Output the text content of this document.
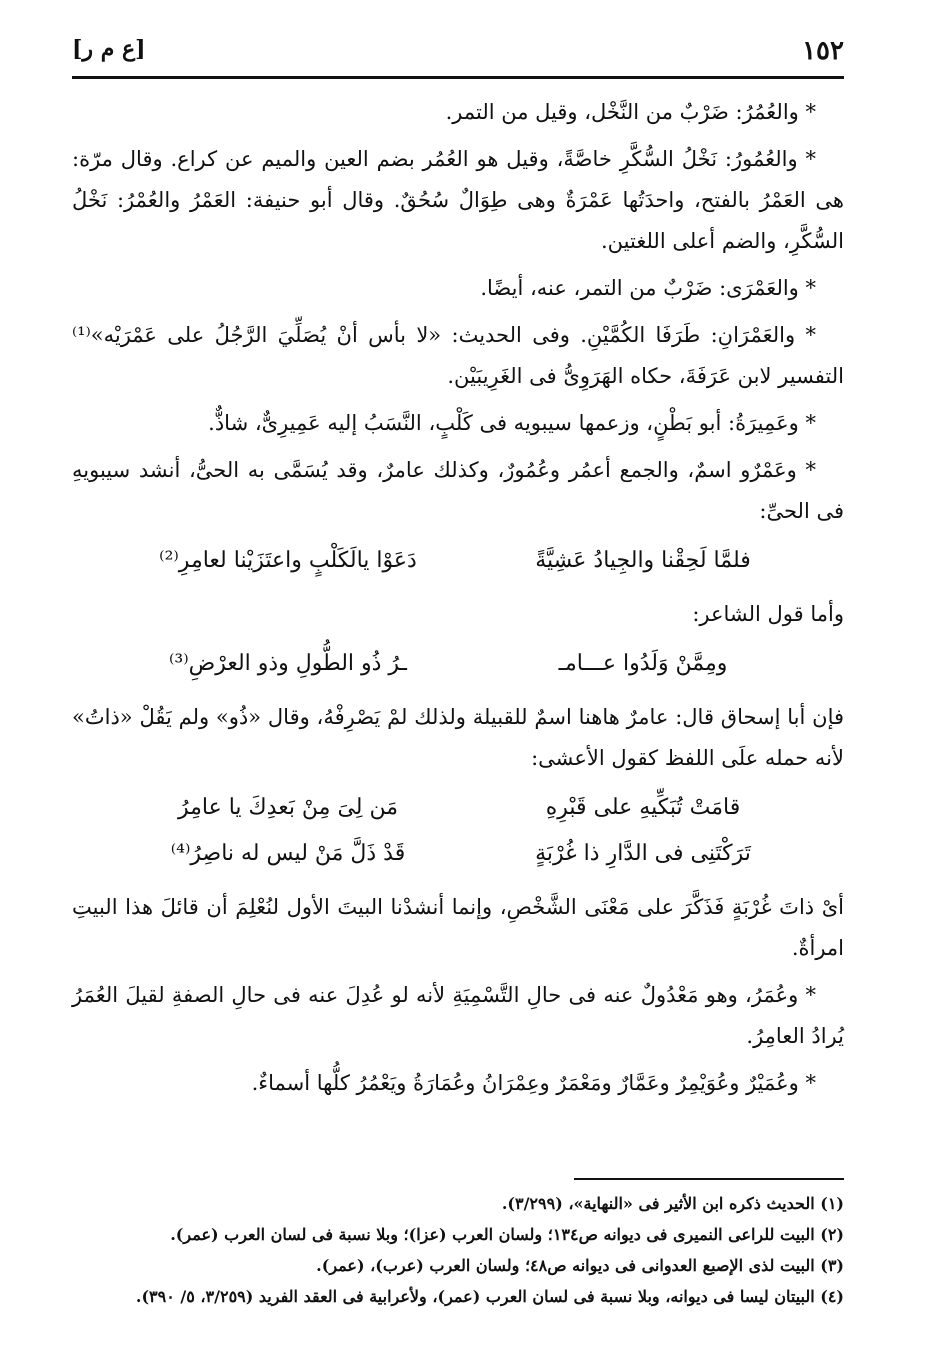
١٥٢
[ع م ر]

* والعُمُرُ: ضَرْبٌ من النَّخْل، وقيل من التمر.

* والعُمُورُ: نَخْلُ السُّكَّرِ خاصَّةً، وقيل هو العُمُر بضم العين والميم عن كراع. وقال مرّة: هى العَمْرُ بالفتح، واحدَتُها عَمْرَةٌ وهى طِوَالٌ سُحُقٌ. وقال أبو حنيفة: العَمْرُ والعُمْرُ: نَخْلُ السُّكَّرِ، والضم أعلى اللغتين.

* والعَمْرَى: ضَرْبٌ من التمر، عنه، أيضًا.

* والعَمْرَانِ: طَرَفَا الكُمَّيْنِ. وفى الحديث: «لا بأس أنْ يُصَلِّيَ الرَّجُلُ على عَمْرَيْه»⁽¹⁾ التفسير لابن عَرَفَةَ، حكاه الهَرَوِىُّ فى الغَرِيبَيْن.

* وعَمِيرَةُ: أبو بَطْنٍ، وزعمها سيبويه فى كَلْبٍ، النَّسَبُ إليه عَمِيرِىٌّ، شاذٌّ.

* وعَمْرٌو اسمٌ، والجمع أعمُر وعُمُورٌ، وكذلك عامرٌ، وقد يُسَمَّى به الحىُّ، أنشد سيبويهِ فى الحىِّ:

فلمَّا لَحِقْنا والجِيادُ عَشِيَّةً
دَعَوْا يالَكَلْبٍ واعتَزَيْنا لعامِرِ⁽²⁾

وأما قول الشاعر:

ومِمَّنْ وَلَدُوا عـــامـ
ـرُ ذُو الطُّولِ وذو العرْضِ⁽³⁾

فإن أبا إسحاق قال: عامرٌ هاهنا اسمٌ للقبيلة ولذلك لمْ يَصْرِفْهُ، وقال «ذُو» ولم يَقُلْ «ذاتُ» لأنه حمله علَى اللفظ كقول الأعشى:

قامَتْ تُبَكِّيهِ على قَبْرِهِ
مَن لِىَ مِنْ بَعدِكَ يا عامِرُ
تَرَكْتَنِى فى الدَّارِ ذا غُرْبَةٍ
قَدْ ذَلَّ مَنْ ليس له ناصِرُ⁽⁴⁾

أىْ ذاتَ غُرْبَةٍ فَذَكَّرَ على مَعْنَى الشَّخْصِ، وإنما أنشدْنا البيتَ الأول لنُعْلِمَ أن قائلَ هذا البيتِ امرأةٌ.

* وعُمَرُ، وهو مَعْدُولٌ عنه فى حالِ التَّسْمِيَةِ لأنه لو عُدِلَ عنه فى حالِ الصفةِ لقيلَ العُمَرُ يُرادُ العامِرُ.

* وعُمَيْرٌ وعُوَيْمِرٌ وعَمَّارٌ ومَعْمَرٌ وعِمْرَانُ وعُمَارَةُ ويَعْمُرُ كلُّها أسماءٌ.

(١) الحديث ذكره ابن الأثير فى «النهاية»، (٣/٢٩٩).
(٢) البيت للراعى النميرى فى ديوانه ص١٣٤؛ ولسان العرب (عزا)؛ وبلا نسبة فى لسان العرب (عمر).
(٣) البيت لذى الإصبع العدوانى فى ديوانه ص٤٨؛ ولسان العرب (عرب)، (عمر).
(٤) البيتان ليسا فى ديوانه، وبلا نسبة فى لسان العرب (عمر)، ولأعرابية فى العقد الفريد (٣/٢٥٩، ٥/ ٣٩٠).
